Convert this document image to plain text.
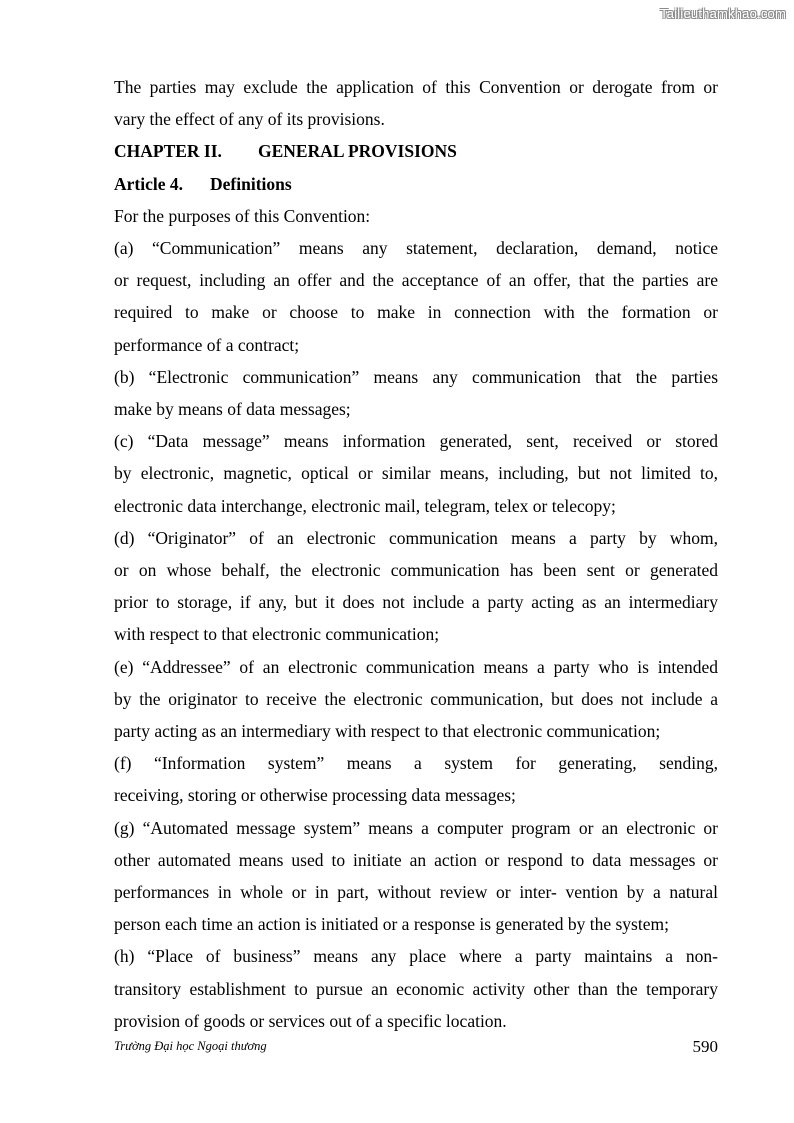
Tailieuthamkhao.com

The parties may exclude the application of this Convention or derogate from or

vary the effect of any of its provisions.

CHAPTER II. GENERAL PROVISIONS

Article 4. Definitions

For the purposes of this Convention:

(a) “Communication” means any statement, declaration, demand, notice

or request, including an offer and the acceptance of an offer, that the parties are

required to make or choose to make in connection with the formation or

performance of a contract;

(b) “Electronic communication” means any communication that the parties

make by means of data messages;

(c) “Data message” means information generated, sent, received or stored

by electronic, magnetic, optical or similar means, including, but not limited to,

electronic data interchange, electronic mail, telegram, telex or telecopy;

(d) “Originator” of an electronic communication means a party by whom,

or on whose behalf, the electronic communication has been sent or generated

prior to storage, if any, but it does not include a party acting as an intermediary

with respect to that electronic communication;

(e) “Addressee” of an electronic communication means a party who is intended

by the originator to receive the electronic communication, but does not include a

party acting as an intermediary with respect to that electronic communication;

(f) “Information system” means a system for generating, sending,

receiving, storing or otherwise processing data messages;

(g) “Automated message system” means a computer program or an electronic or

other automated means used to initiate an action or respond to data messages or

performances in whole or in part, without review or inter- vention by a natural

person each time an action is initiated or a response is generated by the system;

(h) “Place of business” means any place where a party maintains a non-

transitory establishment to pursue an economic activity other than the temporary

provision of goods or services out of a specific location.

Trường Đại học Ngoại thương	590
